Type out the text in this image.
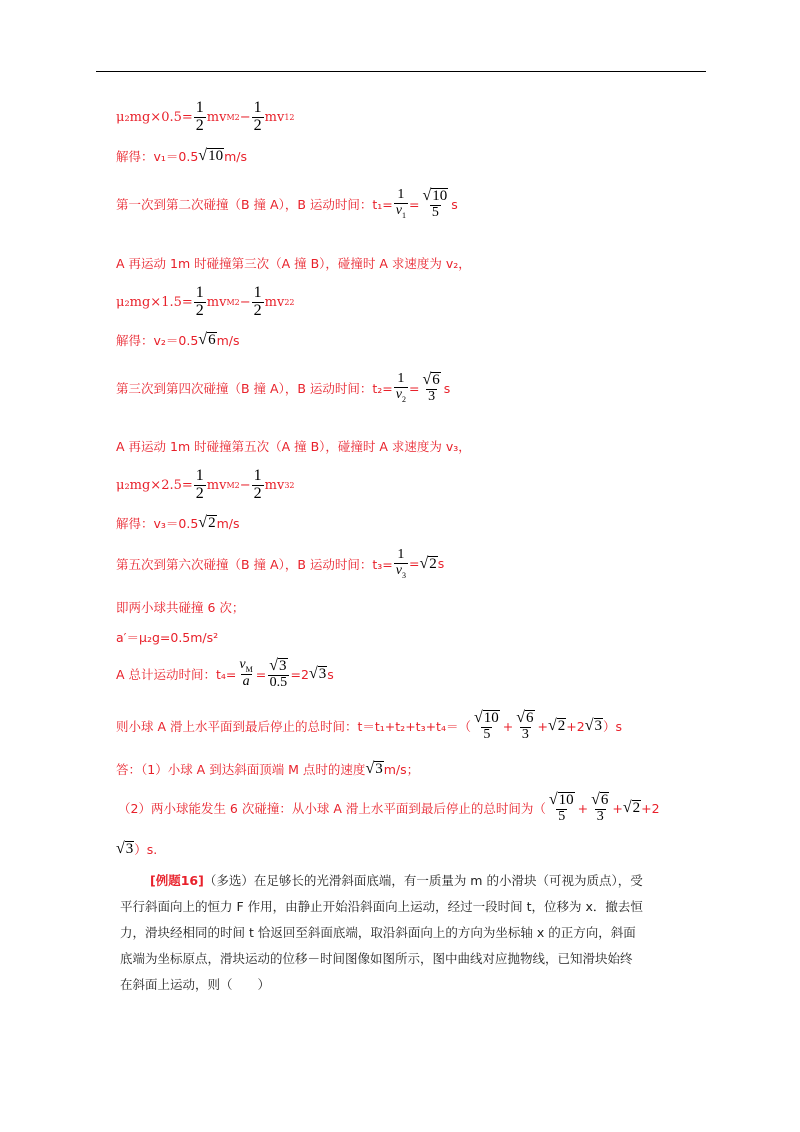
$\mu_2mg\times 0.5= \frac{1}{2}$ mv M $2 - \frac{1}{2}$ mv 1 2
解得：v₁＝0.5 √ 10 m/s
第一次到第二次碰撞（B 撞 A），B 运动时间：$t_1= \frac{1}{v_1} = \frac{√ 10}{5}$ s
A 再运动 1m 时碰撞第三次（A 撞 B），碰撞时 A 求速度为 v₂，
$\mu_2mg\times 1.5= \frac{1}{2}$ mv M $2 - \frac{1}{2}$ mv 2 2
解得：v₂＝0.5 √ 6 m/s
第三次到第四次碰撞（B 撞 A），B 运动时间：$t_2= \frac{1}{v_2} = \frac{√ 6}{3}$ s
A 再运动 1m 时碰撞第五次（A 撞 B），碰撞时 A 求速度为 v₃，
$\mu_2mg\times 2.5= \frac{1}{2}$ mv M $2 - \frac{1}{2}$ mv 3 2
解得：v₃＝0.5 √ 2 m/s
第五次到第六次碰撞（B 撞 A），B 运动时间：$t_3= \frac{1}{v_3}$ = √ 2 s
即两小球共碰撞 6 次；
a′＝μ₂g=0.5m/s²
A 总计运动时间：$t_4= \frac{v_M}{a} = \frac{√ 3}{0.5} =2$ √ 3 s
则小球 A 滑上水平面到最后停止的总时间：$t=t_1+t_2+t_3+t_4=( \frac{√ 10}{5} + \frac{√ 6}{3}$ + √ 2 +2 √ 3 ）s
答：（1）小球 A 到达斜面顶端 M 点时的速度 √ 3 m/s；
（2）两小球能发生 6 次碰撞：从小球 A 滑上水平面到最后停止的总时间为（ $\frac{√ 10}{5} + \frac{√ 6}{3}$ + √ 2 +2
√ 3 ）s.
[例题16]（多选）在足够长的光滑斜面底端，有一质量为 m 的小滑块（可视为质点），受
平行斜面向上的恒力 F 作用，由静止开始沿斜面向上运动，经过一段时间 t，位移为 x．撤去恒
力，滑块经相同的时间 t 恰返回至斜面底端，取沿斜面向上的方向为坐标轴 x 的正方向，斜面
底端为坐标原点，滑块运动的位移－时间图像如图所示，图中曲线对应抛物线，已知滑块始终
在斜面上运动，则（　　）
